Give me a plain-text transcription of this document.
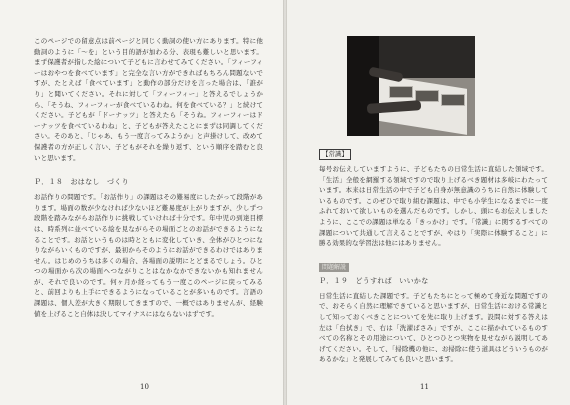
このページでの留意点は前ページと同じく動詞の使い方にあります。特に他動詞のように「〜を」という目的語が加わる分、表現も難しいと思います。まず保護者が指した絵について子どもに言わせてみてください。「フィーフィーはおやつを食べています」と完全な言い方ができればもちろん問題ないですが、たとえば「食べています」と動作の部分だけを言った場合は、「誰がり」と聞いてください。それに対して「フィーフィー」と答えるでしょうから、「そうね、フィーフィーが食べているわね。何を食べている？」と続けてください。子どもが「ドーナッツ」と答えたら「そうね。フィーフィーはドーナッツを食べているわね」と、子どもが答えたことにまずは同調してください。そのあと、「じゃあ、もう一度言ってみようか」と声掛けして、改めて保護者の方が正しく言い、子どもがそれを繰り返す、という順序を踏むと良いと思います。

Ｐ．１８　おはなし　づくり

お話作りの問題です。「お話作り」の課題はその難易度にしたがって段階があります。場面の数が少なければ少ないほど難易度が上がりますが、少しずつ段階を踏みながらお話作りに挑戦していければ十分です。年中児の到達目標は、時系列に並べている絵を見ながらその場面ごとのお話ができるようになることです。お話というものは時とともに変化していき、全体がひとつになりながらいくものですが、最初からそのようにお話ができるわけではありません。はじめのうちは多くの場合、各場面の説明にとどまるでしょう。ひとつの場面から次の場面へつながりことはなかなかできないかも知れませんが、それで良いのです。何ヶ月か経ってもう一度このページに戻ってみると、前回よりも上手にできるようになっていることが多いものです。言語の課題は、個人差が大きく期限してきますので、一概ではありませんが、経験値を上げること自体は決してマイナスにはならないはずです。

10
【常識】

毎号お伝えしていますように、子どもたちの日常生活に直結した領域です。「生活」全般を網羅する領域ですので取り上げるべき題材は多岐にわたっています。本来は日常生活の中で子ども自身が無意識のうちに自然に体験しているものです。このぜひで取り組む課題は、中でも小学生になるまでに一度ふれておいて欲しいものを選んだものです。しかし、頭にもお伝えしましたように、ここでの課題は単なる「きっかけ」です。「常識」に関するすべての課題について共通して言えることですが、やはり「実際に体験すること」に勝る効果的な学習法は他にはありません。

問題解説
Ｐ．１９　どうすれば　いいかな

日常生活に直結した課題です。子どもたちにとって極めて身近な問題ですので、おそらく自然に理解できていると思いますが、日常生活における常識として知っておくべきことについてを先に取り上げます。設問に対する答えは左は「台拭き」で、右は「洗濯ばさみ」ですが、ここに描かれているものすべての名称とその用途について、ひとつひとつ実物を見せながら説明してあげてください。そして、「掃除機の他に、お掃除に使う道具はどういうものがあるかな」と発展してみても良いと思います。

11
